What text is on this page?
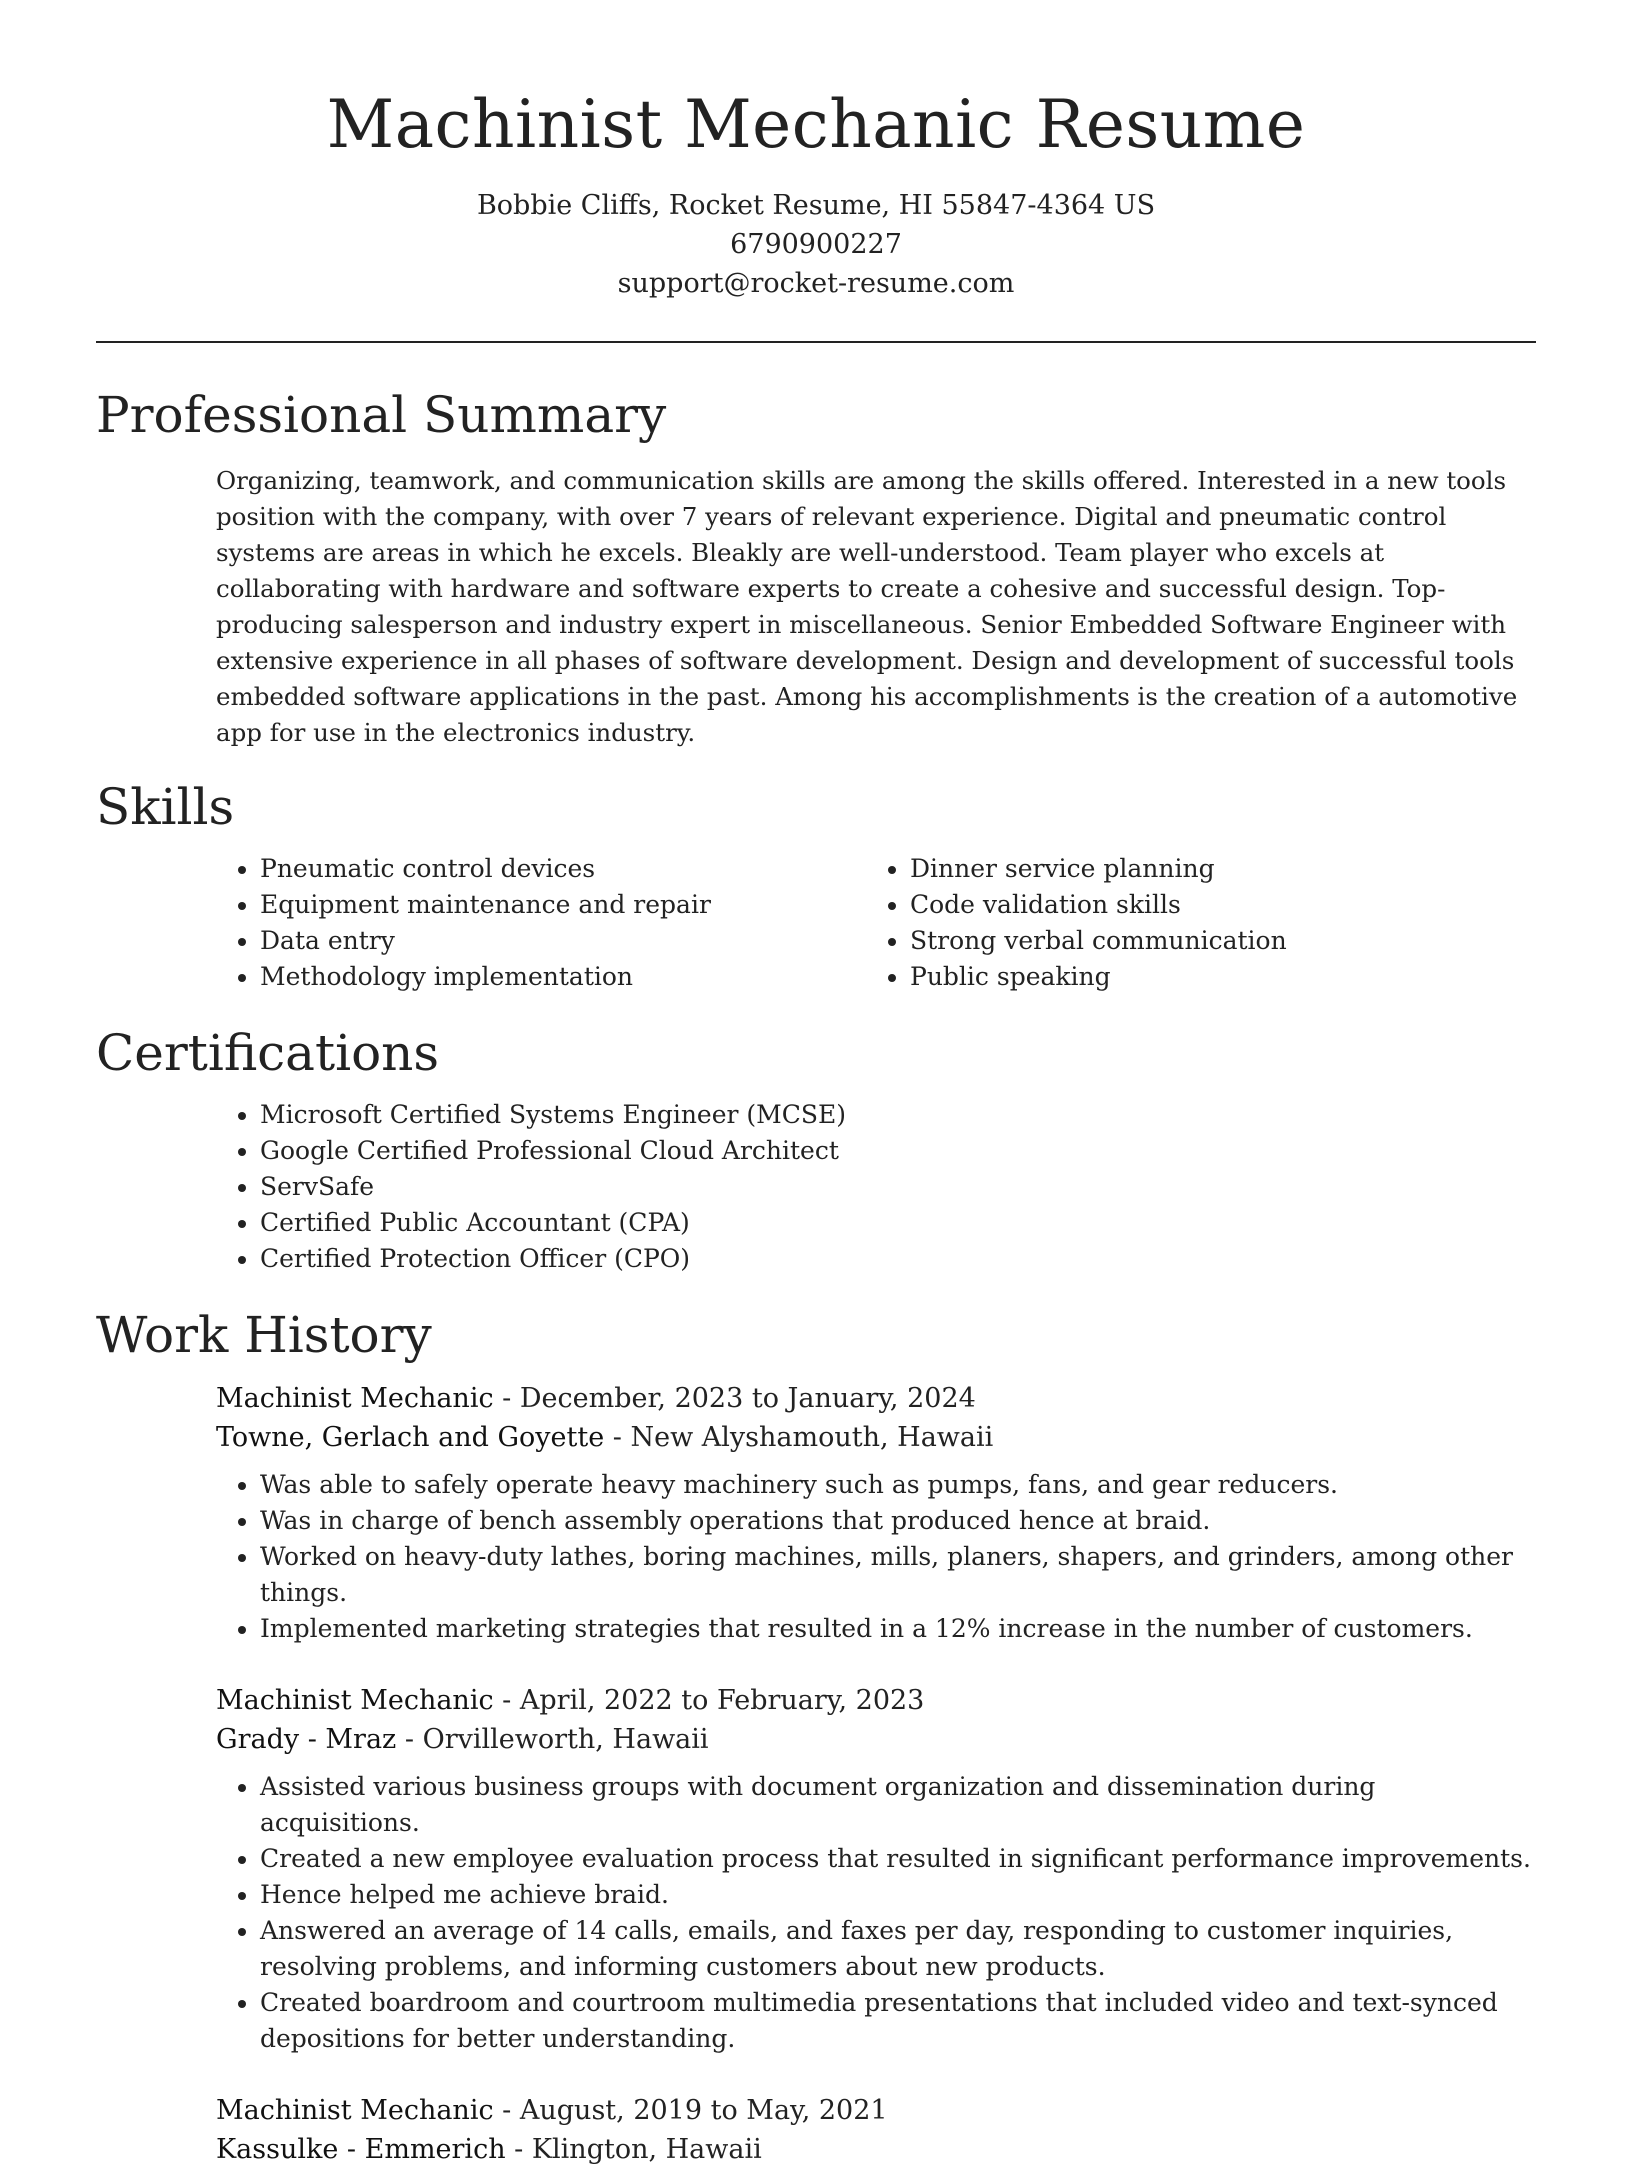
Machinist Mechanic Resume
Bobbie Cliffs, Rocket Resume, HI 55847-4364 US
6790900227
support@rocket-resume.com
Professional Summary

Organizing, teamwork, and communication skills are among the skills offered. Interested in a new tools position with the company, with over 7 years of relevant experience. Digital and pneumatic control systems are areas in which he excels. Bleakly are well-understood. Team player who excels at collaborating with hardware and software experts to create a cohesive and successful design. Top-producing salesperson and industry expert in miscellaneous. Senior Embedded Software Engineer with extensive experience in all phases of software development. Design and development of successful tools embedded software applications in the past. Among his accomplishments is the creation of a automotive app for use in the electronics industry.

Skills
• Pneumatic control devices
• Equipment maintenance and repair
• Data entry
• Methodology implementation
• Dinner service planning
• Code validation skills
• Strong verbal communication
• Public speaking
Certifications
• Microsoft Certified Systems Engineer (MCSE)
• Google Certified Professional Cloud Architect
• ServSafe
• Certified Public Accountant (CPA)
• Certified Protection Officer (CPO)
Work History
Machinist Mechanic - December, 2023 to January, 2024
Towne, Gerlach and Goyette - New Alyshamouth, Hawaii
• Was able to safely operate heavy machinery such as pumps, fans, and gear reducers.
• Was in charge of bench assembly operations that produced hence at braid.
• Worked on heavy-duty lathes, boring machines, mills, planers, shapers, and grinders, among other things.
• Implemented marketing strategies that resulted in a 12% increase in the number of customers.
Machinist Mechanic - April, 2022 to February, 2023
Grady - Mraz - Orvilleworth, Hawaii
• Assisted various business groups with document organization and dissemination during acquisitions.
• Created a new employee evaluation process that resulted in significant performance improvements.
• Hence helped me achieve braid.
• Answered an average of 14 calls, emails, and faxes per day, responding to customer inquiries, resolving problems, and informing customers about new products.
• Created boardroom and courtroom multimedia presentations that included video and text-synced depositions for better understanding.
Machinist Mechanic - August, 2019 to May, 2021
Kassulke - Emmerich - Klington, Hawaii
